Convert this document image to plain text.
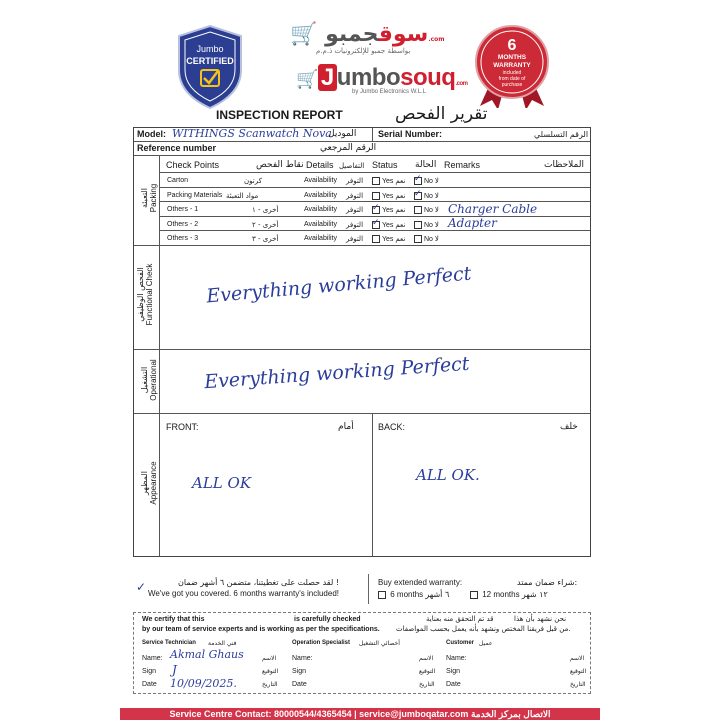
Jumbo
CERTIFIED
🛒	سوقجمبو	.com
بواسطة جمبو للإلكترونيات ذ.م.م
🛒 J umbosouq.com
by Jumbo Electronics W.L.L
6
MONTHS
WARRANTY
included
from date of
purchase
INSPECTION REPORT	تقرير الفحص
Model: WITHINGS Scanwatch Nova
الموديل Serial Number:	الرقم التسلسلي
Reference number	الرقم المرجعي
Check Points	نقاط الفحص Details التفاصيل Status الحالة Remarks	الملاحظات
Carton	كرتون	Availability التوفر	Yes نعم ✓	No لا
Packing Materials مواد التعبئة	Availability التوفر	Yes نعم ✓	No لا
Others - 1	أخرى - ١	Availability التوفر ✓	Yes نعم	No لا Charger Cable
Others - 2	أخرى - ٢	Availability التوفر ✓	Yes نعم	No لا Adapter
Others - 3	أخرى - ٣	Availability التوفر	Yes نعم	No لا
التعبئة
Packing
الفحص الوظيفي
Functional Check	Everything working Perfect
التشغيل
Operational Everything working Perfect
FRONT:	أمام	BACK:	خلف
ALL OK	ALL OK.
المظهر
Appearance
✓	لقد حصلت على تغطيتنا، متضمن ٦ أشهر ضمان !
We've got you covered. 6 months warranty's included!
Buy extended warranty:	شراء ضمان ممتد:
6 months ٦ أشهر	12 months ١٢ شهر
We certify that this	is carefully checked
by our team of service experts and is working as per the specifications.
نحن نشهد بأن هذا
قد تم التحقق منه بعناية
من قبل فريقنا المختص ونشهد بأنه يعمل بحسب المواصفات.
Service Technician فني الخدمة
Name:	الاسم
Akmal Ghaus
Sign	التوقيع
J
Date	التاريخ
10/09/2025.
Operation Specialist أخصائي التشغيل
Name:	الاسم
Sign	التوقيع
Date	التاريخ
Customer عميل
Name:	الاسم
Sign	التوقيع
Date	التاريخ
Service Centre Contact: 80000544/4365454 | service@jumboqatar.com الاتصال بمركز الخدمة
